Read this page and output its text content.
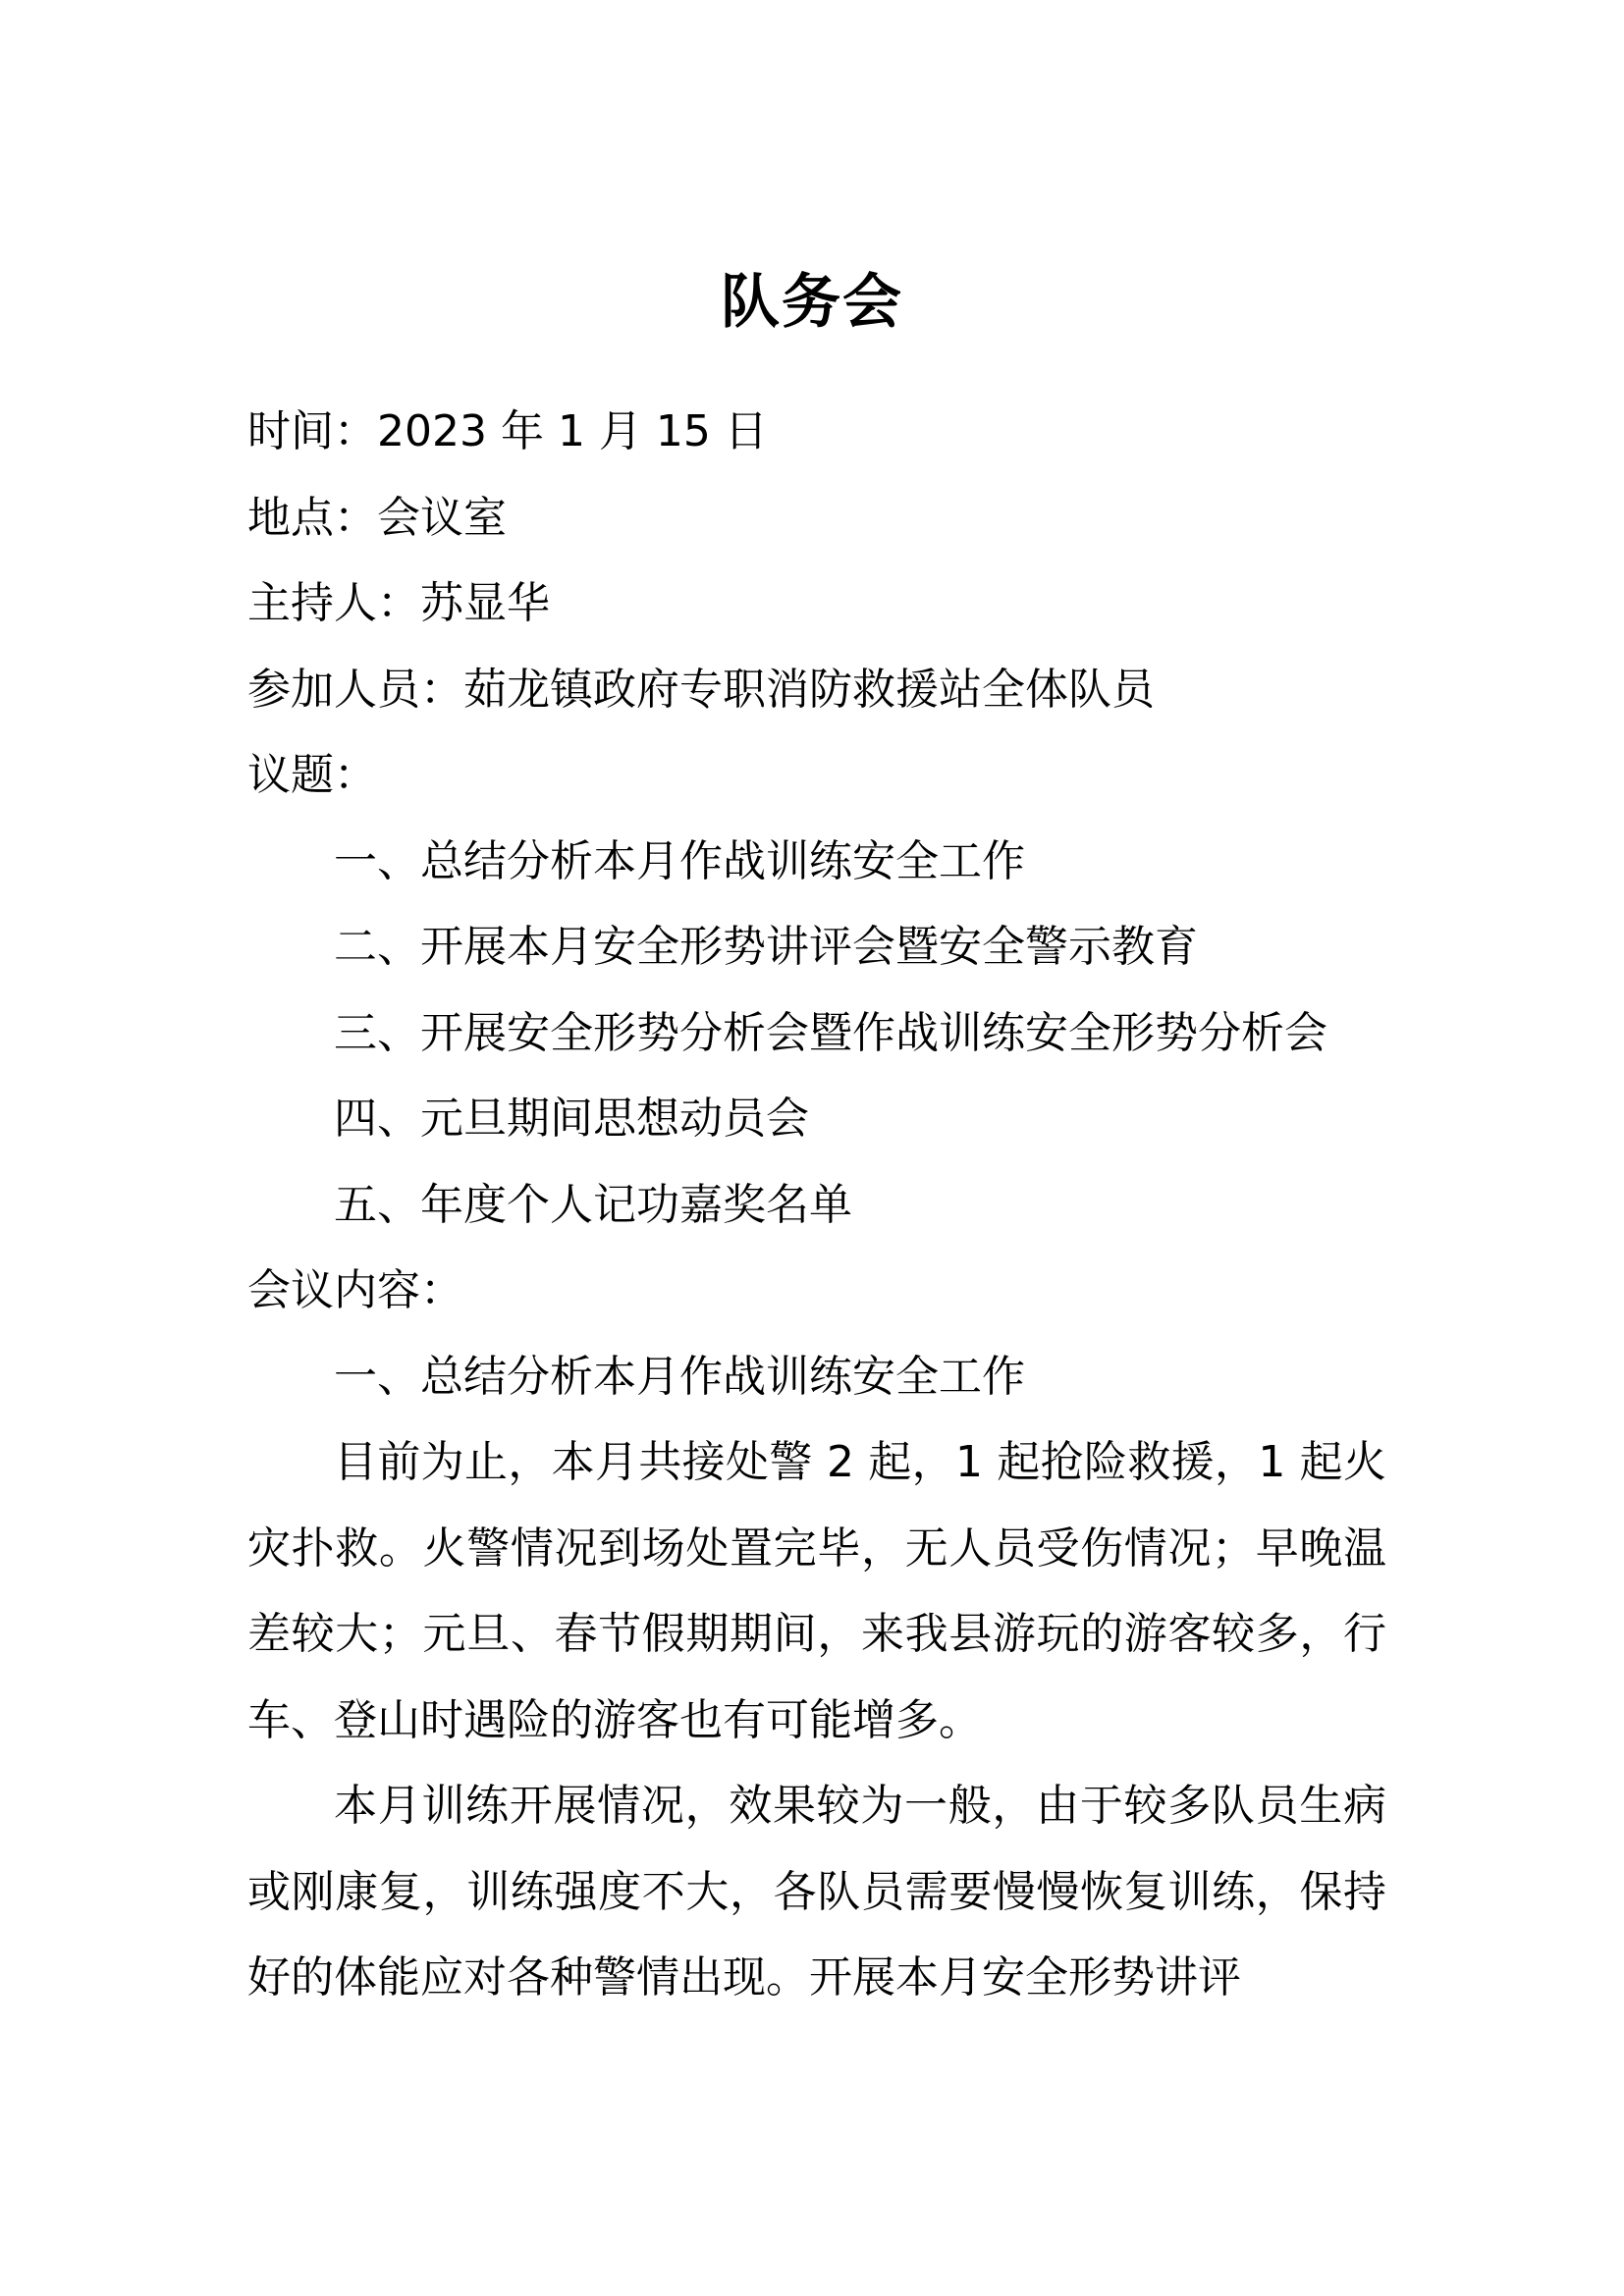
队务会

时间：2023 年 1 月 15 日

地点：会议室

主持人：苏显华

参加人员：茹龙镇政府专职消防救援站全体队员

议题：

一、总结分析本月作战训练安全工作

二、开展本月安全形势讲评会暨安全警示教育

三、开展安全形势分析会暨作战训练安全形势分析会

四、元旦期间思想动员会

五、年度个人记功嘉奖名单

会议内容：

一、总结分析本月作战训练安全工作

目前为止，本月共接处警 2 起，1 起抢险救援，1 起火灾扑救。火警情况到场处置完毕，无人员受伤情况；早晚温差较大；元旦、春节假期期间，来我县游玩的游客较多，行车、登山时遇险的游客也有可能增多。

本月训练开展情况，效果较为一般，由于较多队员生病或刚康复，训练强度不大，各队员需要慢慢恢复训练，保持好的体能应对各种警情出现。开展本月安全形势讲评
